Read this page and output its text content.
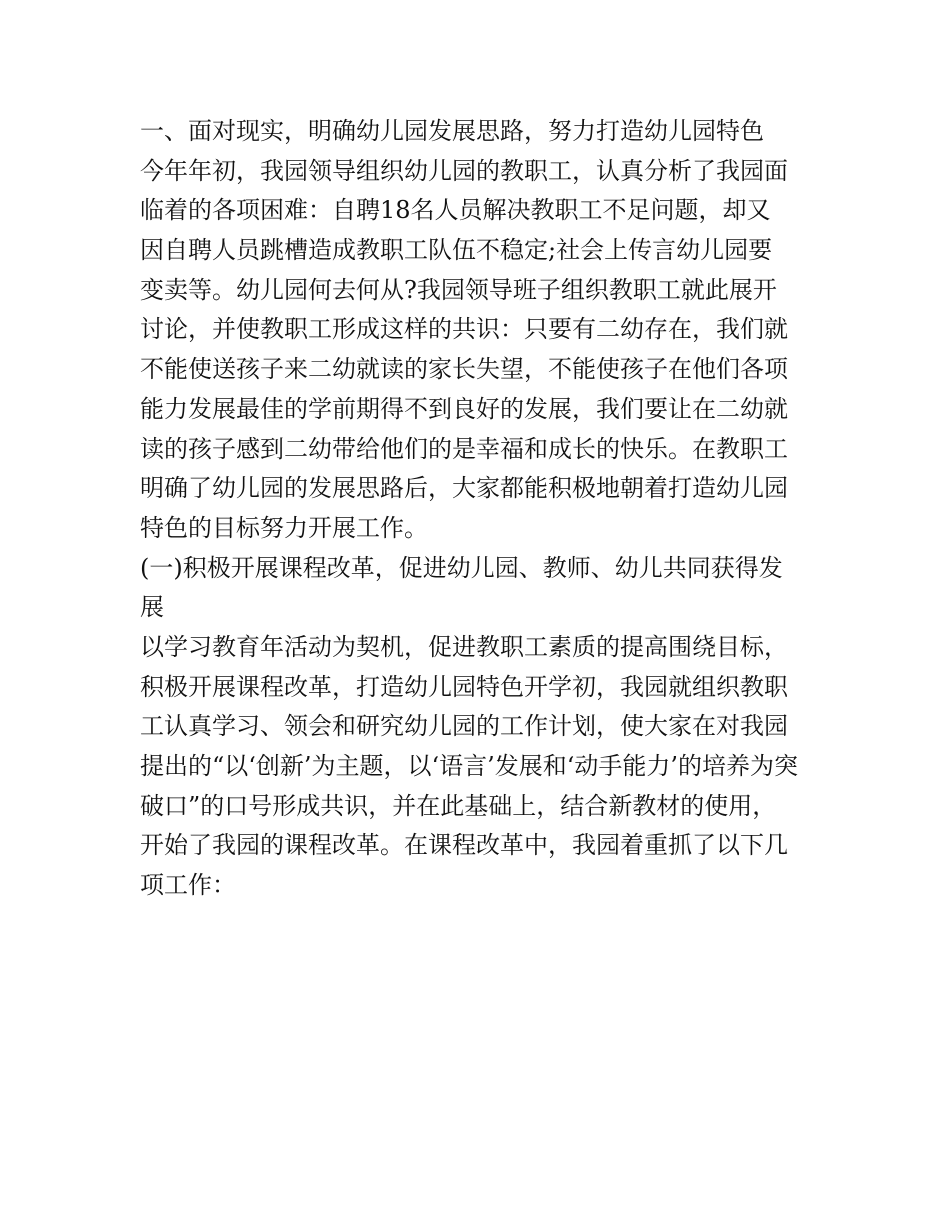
一、面对现实，明确幼儿园发展思路，努力打造幼儿园特色

今年年初，我园领导组织幼儿园的教职工，认真分析了我园面

临着的各项困难：自聘18名人员解决教职工不足问题，却又

因自聘人员跳槽造成教职工队伍不稳定;社会上传言幼儿园要

变卖等。幼儿园何去何从?我园领导班子组织教职工就此展开

讨论，并使教职工形成这样的共识：只要有二幼存在，我们就

不能使送孩子来二幼就读的家长失望，不能使孩子在他们各项

能力发展最佳的学前期得不到良好的发展，我们要让在二幼就

读的孩子感到二幼带给他们的是幸福和成长的快乐。在教职工

明确了幼儿园的发展思路后，大家都能积极地朝着打造幼儿园

特色的目标努力开展工作。

(一)积极开展课程改革，促进幼儿园、教师、幼儿共同获得发

展

以学习教育年活动为契机，促进教职工素质的提高围绕目标，

积极开展课程改革，打造幼儿园特色开学初，我园就组织教职

工认真学习、领会和研究幼儿园的工作计划，使大家在对我园

提出的“以‘创新’为主题，以‘语言’发展和‘动手能力’的培养为突

破口”的口号形成共识，并在此基础上，结合新教材的使用，

开始了我园的课程改革。在课程改革中，我园着重抓了以下几

项工作：
